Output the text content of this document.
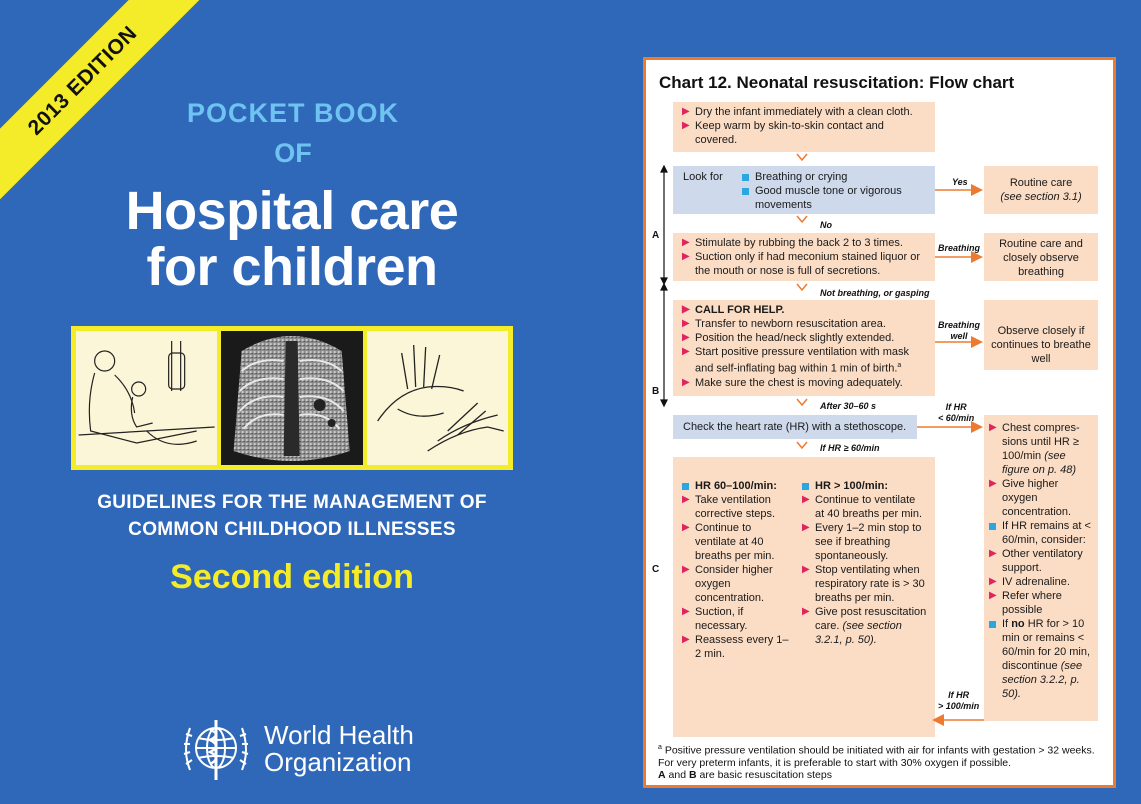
2013 EDITION	POCKET BOOK
OF
Hospital care
for children
GUIDELINES FOR THE MANAGEMENT OF
COMMON CHILDHOOD ILLNESSES
Second edition
World Health
Organization
Chart 12. Neonatal resuscitation: Flow chart
▶ Dry the infant immediately with a clean cloth.
▶ Keep warm by skin-to-skin contact and covered.
Look for	Breathing or crying
Good muscle tone or vigorous movements
Routine care
(see section 3.1)
▶ Stimulate by rubbing the back 2 to 3 times.
▶ Suction only if had meconium stained liquor or the mouth or nose is full of secretions.
Routine care and closely observe breathing
▶ CALL FOR HELP.
▶ Transfer to newborn resuscitation area.
▶ Position the head/neck slightly extended.
▶ Start positive pressure ventilation with mask and self-inflating bag within 1 min of birth.$^a$
▶ Make sure the chest is moving adequately.
Observe closely if continues to breathe well
Check the heart rate (HR) with a stethoscope.
HR 60–100/min:
▶ Take ventilation corrective steps.
▶ Continue to ventilate at 40 breaths per min.
▶ Consider higher oxygen concentration.
▶ Suction, if necessary.
▶ Reassess every 1–2 min.
HR > 100/min:
▶ Continue to ventilate at 40 breaths per min.
▶ Every 1–2 min stop to see if breathing spontaneously.
▶ Stop ventilating when respiratory rate is > 30 breaths per min.
▶ Give post resuscitation care. (see section 3.2.1, p. 50).
▶ Chest compres-sions until HR ≥ 100/min (see figure on p. 48)
▶ Give higher oxygen concentration.
If HR remains at < 60/min, consider:
▶ Other ventilatory support.
▶ IV adrenaline.
▶ Refer where possible
If no HR for > 10 min or remains < 60/min for 20 min, discontinue (see section 3.2.2, p. 50).
Yes
No
Breathing
Not breathing, or gasping
Breathing
well
After 30–60 s	If HR
< 60/min
If HR ≥ 60/min
If HR
> 100/min
A
B
C
$^a$ Positive pressure ventilation should be initiated with air for infants with gestation > 32 weeks. For very preterm infants, it is preferable to start with 30% oxygen if possible.
A and B are basic resuscitation steps
